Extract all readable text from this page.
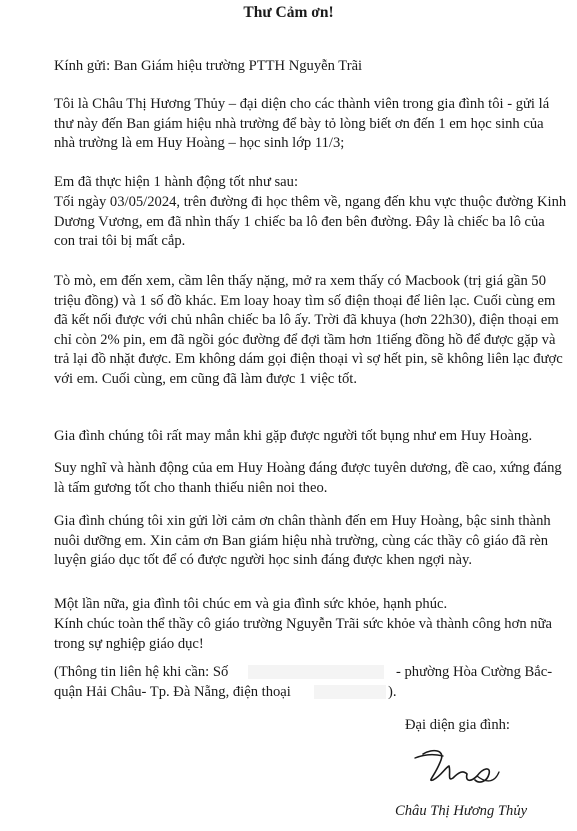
Thư Cảm ơn!
Kính gửi: Ban Giám hiệu trường PTTH Nguyễn Trãi
Tôi là Châu Thị Hương Thủy – đại diện cho các thành viên trong gia đình tôi - gửi lá thư này đến Ban giám hiệu nhà trường để bày tỏ lòng biết ơn đến 1 em học sinh của nhà trường là em Huy Hoàng – học sinh lớp 11/3;
Em đã thực hiện 1 hành động tốt như sau:
Tối ngày 03/05/2024, trên đường đi học thêm về, ngang đến khu vực thuộc đường Kinh Dương Vương, em đã nhìn thấy 1 chiếc ba lô đen bên đường. Đây là chiếc ba lô của con trai tôi bị mất cắp.
Tò mò, em đến xem, cầm lên thấy nặng, mở ra xem thấy có Macbook (trị giá gần 50 triệu đồng) và 1 số đồ khác. Em loay hoay tìm số điện thoại để liên lạc. Cuối cùng em đã kết nối được với chủ nhân chiếc ba lô ấy. Trời đã khuya (hơn 22h30), điện thoại em chỉ còn 2% pin, em đã ngồi góc đường để đợi tầm hơn 1tiếng đồng hồ để được gặp và trả lại đồ nhặt được. Em không dám gọi điện thoại vì sợ hết pin, sẽ không liên lạc được với em. Cuối cùng, em cũng đã làm được 1 việc tốt.
Gia đình chúng tôi rất may mắn khi gặp được người tốt bụng như em Huy Hoàng.
Suy nghĩ và hành động của em Huy Hoàng đáng được tuyên dương, đề cao, xứng đáng là tấm gương tốt cho thanh thiếu niên noi theo.
Gia đình chúng tôi xin gửi lời cảm ơn chân thành đến em Huy Hoàng, bậc sinh thành nuôi dưỡng em. Xin cảm ơn Ban giám hiệu nhà trường, cùng các thầy cô giáo đã rèn luyện giáo dục tốt để có được người học sinh đáng được khen ngợi này.
Một lần nữa, gia đình tôi chúc em và gia đình sức khỏe, hạnh phúc.
Kính chúc toàn thể thầy cô giáo trường Nguyễn Trãi sức khỏe và thành công hơn nữa trong sự nghiệp giáo dục!
(Thông tin liên hệ khi cần: Số	- phường Hòa Cường Bắc-
quận Hải Châu- Tp. Đà Nẵng, điện thoại	).
Đại diện gia đình:
Châu Thị Hương Thủy
